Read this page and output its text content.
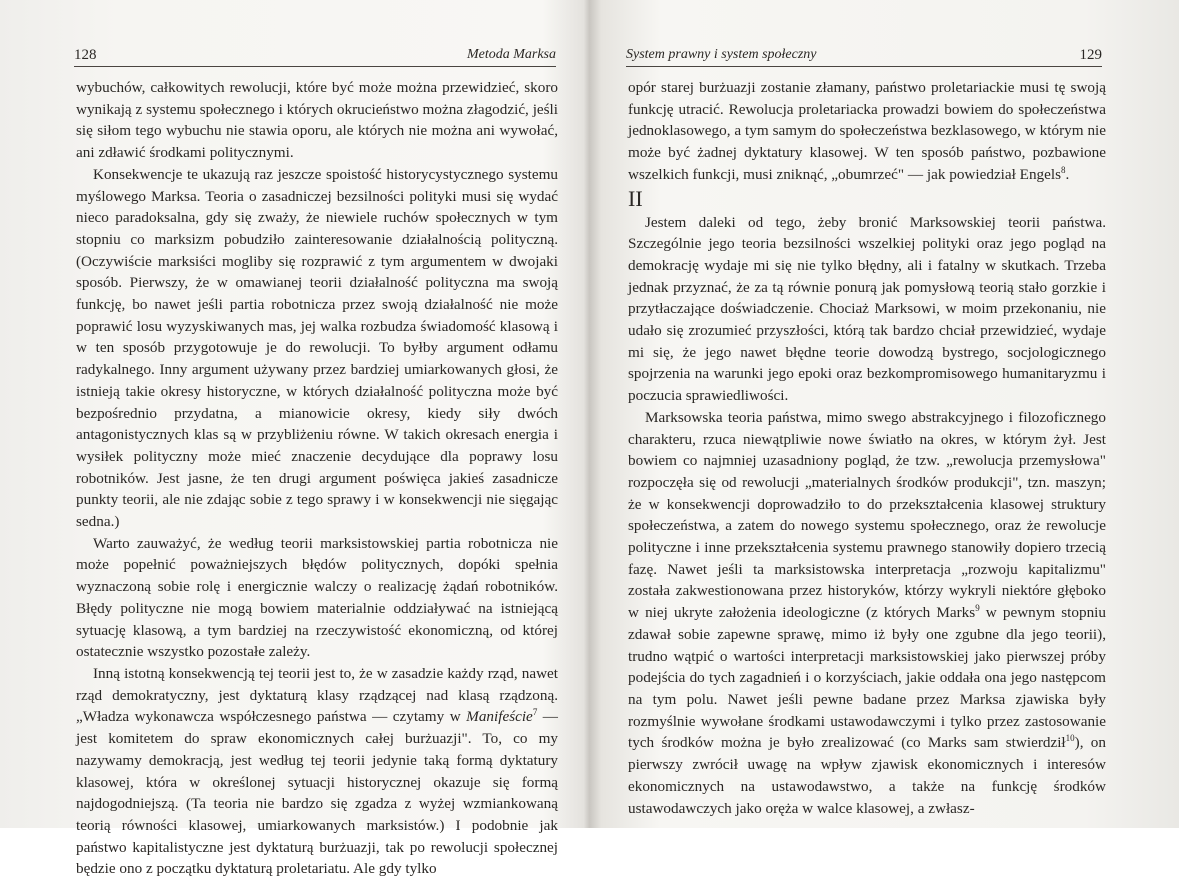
128	Metoda Marksa

wybuchów, całkowitych rewolucji, które być może można przewidzieć, skoro wynikają z systemu społecznego i których okrucieństwo można złagodzić, jeśli się siłom tego wybuchu nie stawia oporu, ale których nie można ani wywołać, ani zdławić środkami politycznymi.

Konsekwencje te ukazują raz jeszcze spoistość historycystycznego systemu myślowego Marksa. Teoria o zasadniczej bezsilności polityki musi się wydać nieco paradoksalna, gdy się zważy, że niewiele ruchów społecznych w tym stopniu co marksizm pobudziło zainteresowanie działalnością polityczną. (Oczywiście marksiści mogliby się rozprawić z tym argumentem w dwojaki sposób. Pierwszy, że w omawianej teorii działalność polityczna ma swoją funkcję, bo nawet jeśli partia robotnicza przez swoją działalność nie może poprawić losu wyzyskiwanych mas, jej walka rozbudza świadomość klasową i w ten sposób przygotowuje je do rewolucji. To byłby argument odłamu radykalnego. Inny argument używany przez bardziej umiarkowanych głosi, że istnieją takie okresy historyczne, w których działalność polityczna może być bezpośrednio przydatna, a mianowicie okresy, kiedy siły dwóch antagonistycznych klas są w przybliżeniu równe. W takich okresach energia i wysiłek polityczny może mieć znaczenie decydujące dla poprawy losu robotników. Jest jasne, że ten drugi argument poświęca jakieś zasadnicze punkty teorii, ale nie zdając sobie z tego sprawy i w konsekwencji nie sięgając sedna.)

Warto zauważyć, że według teorii marksistowskiej partia robotnicza nie może popełnić poważniejszych błędów politycznych, dopóki spełnia wyznaczoną sobie rolę i energicznie walczy o realizację żądań robotników. Błędy polityczne nie mogą bowiem materialnie oddziaływać na istniejącą sytuację klasową, a tym bardziej na rzeczywistość ekonomiczną, od której ostatecznie wszystko pozostałe zależy.

Inną istotną konsekwencją tej teorii jest to, że w zasadzie każdy rząd, nawet rząd demokratyczny, jest dyktaturą klasy rządzącej nad klasą rządzoną. „Władza wykonawcza współczesnego państwa — czytamy w Manifeście$^7$ — jest komitetem do spraw ekonomicznych całej burżuazji". To, co my nazywamy demokracją, jest według tej teorii jedynie taką formą dyktatury klasowej, która w określonej sytuacji historycznej okazuje się formą najdogodniejszą. (Ta teoria nie bardzo się zgadza z wyżej wzmiankowaną teorią równości klasowej, umiarkowanych marksistów.) I podobnie jak państwo kapitalistyczne jest dyktaturą burżuazji, tak po rewolucji społecznej będzie ono z początku dyktaturą proletariatu. Ale gdy tylko

System prawny i system społeczny	129

opór starej burżuazji zostanie złamany, państwo proletariackie musi tę swoją funkcję utracić. Rewolucja proletariacka prowadzi bowiem do społeczeństwa jednoklasowego, a tym samym do społeczeństwa bezklasowego, w którym nie może być żadnej dyktatury klasowej. W ten sposób państwo, pozbawione wszelkich funkcji, musi zniknąć, „obumrzeć" — jak powiedział Engels$^8$.

II

Jestem daleki od tego, żeby bronić Marksowskiej teorii państwa. Szczególnie jego teoria bezsilności wszelkiej polityki oraz jego pogląd na demokrację wydaje mi się nie tylko błędny, ali i fatalny w skutkach. Trzeba jednak przyznać, że za tą równie ponurą jak pomysłową teorią stało gorzkie i przytłaczające doświadczenie. Chociaż Marksowi, w moim przekonaniu, nie udało się zrozumieć przyszłości, którą tak bardzo chciał przewidzieć, wydaje mi się, że jego nawet błędne teorie dowodzą bystrego, socjologicznego spojrzenia na warunki jego epoki oraz bezkompromisowego humanitaryzmu i poczucia sprawiedliwości.

Marksowska teoria państwa, mimo swego abstrakcyjnego i filozoficznego charakteru, rzuca niewątpliwie nowe światło na okres, w którym żył. Jest bowiem co najmniej uzasadniony pogląd, że tzw. „rewolucja przemysłowa" rozpoczęła się od rewolucji „materialnych środków produkcji", tzn. maszyn; że w konsekwencji doprowadziło to do przekształcenia klasowej struktury społeczeństwa, a zatem do nowego systemu społecznego, oraz że rewolucje polityczne i inne przekształcenia systemu prawnego stanowiły dopiero trzecią fazę. Nawet jeśli ta marksistowska interpretacja „rozwoju kapitalizmu" została zakwestionowana przez historyków, którzy wykryli niektóre głęboko w niej ukryte założenia ideologiczne (z których Marks$^9$ w pewnym stopniu zdawał sobie zapewne sprawę, mimo iż były one zgubne dla jego teorii), trudno wątpić o wartości interpretacji marksistowskiej jako pierwszej próby podejścia do tych zagadnień i o korzyściach, jakie oddała ona jego następcom na tym polu. Nawet jeśli pewne badane przez Marksa zjawiska były rozmyślnie wywołane środkami ustawodawczymi i tylko przez zastosowanie tych środków można je było zrealizować (co Marks sam stwierdził$^{10}$), on pierwszy zwrócił uwagę na wpływ zjawisk ekonomicznych i interesów ekonomicznych na ustawodawstwo, a także na funkcję środków ustawodawczych jako oręża w walce klasowej, a zwłasz-
